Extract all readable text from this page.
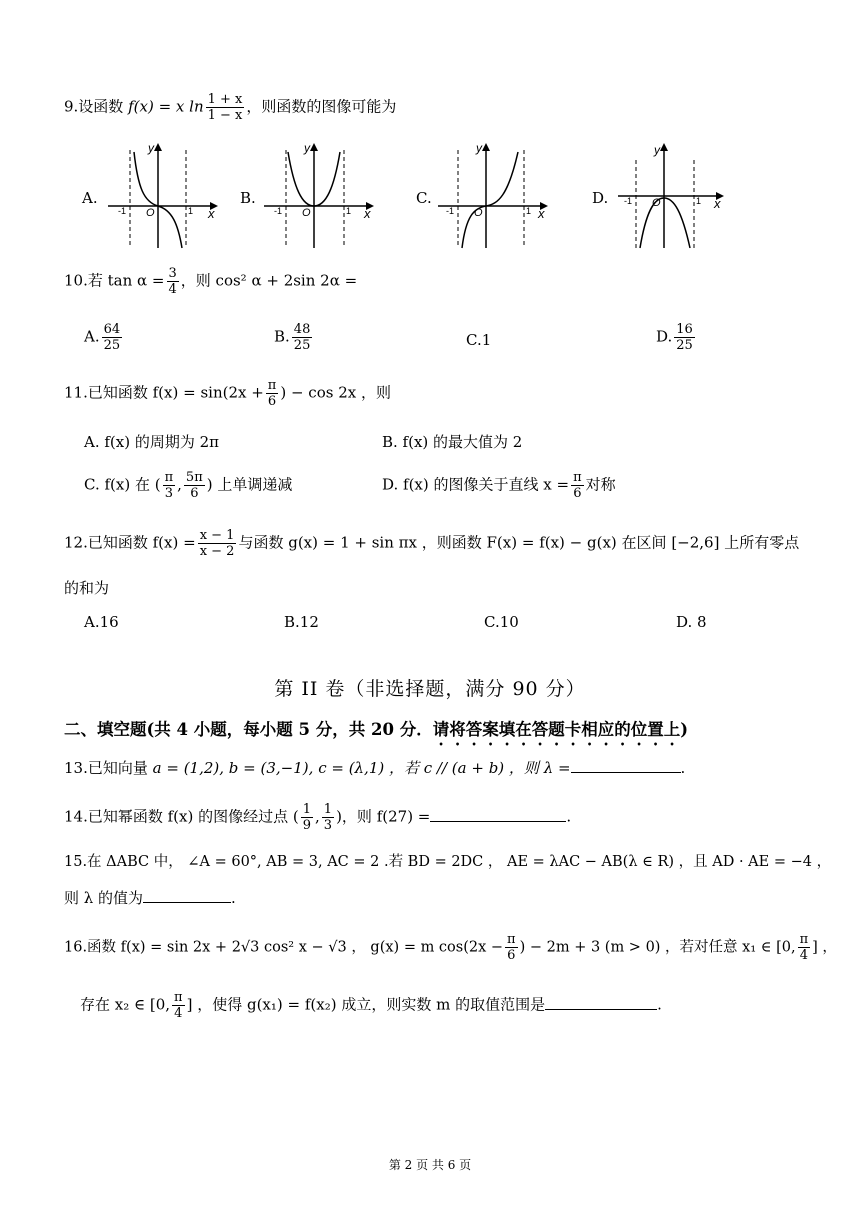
9.设函数 f(x) = x $\ln \frac{1 + x}{1 - x}$ ，则函数的图像可能为
A.
y
x
-1 O	1
B.
y
x
-1 O	1
C.
y
x
-1 O	1
D.
y
x
-1 O	1
10.若 $\tan \alpha = \frac{3}{4}$ ，则 cos² α + 2sin 2α =
A. $\frac{64}{25}$	B. $\frac{48}{25}$	C.1	D. $\frac{16}{25}$
11.已知函数 $f(x) = \sin(2x + \frac{\pi}{6}$ ) − cos 2x ，则
A. f(x) 的周期为 2π	B. f(x) 的最大值为 2
C. f(x) 在 ( $\frac{\pi}{3}$ , $\frac{5\pi}{6}$ ) 上单调递减	D. f(x) 的图像关于直线 $x = \frac{\pi}{6}$ 对称
12.已知函数 $f(x) = \frac{x - 1}{x - 2}$ 与函数 g(x) = 1 + sin πx ，则函数 F(x) = f(x) − g(x) 在区间 [−2,6] 上所有零点
的和为
A.16	B.12	C.10	D. 8
第 II 卷（非选择题，满分 90 分）
二、填空题(共 4 小题，每小题 5 分，共 20 分．请将答案填在答题卡相应的位置上)
13.已知向量 a = (1,2), b = (3,−1), c = (λ,1) ，若 c // (a + b) ，则 λ =	.
14.已知幂函数 f(x) 的图像经过点 ( $\frac{1}{9}$ , $\frac{1}{3}$ )，则 f(27) =	.
15.在 ΔABC 中， ∠A = 60°, AB = 3, AC = 2 .若 BD = 2DC ， AE = λAC − AB(λ ∈ R) ，且 AD · AE = −4 ，
则 λ 的值为	.
16.函数 f(x) = sin 2x + 2√3 cos² x − √3 ， g(x) = m $\cos(2x - \frac{\pi}{6}$ ) − 2m + 3 (m > 0) ，若对任意 x₁ ∈ [0, $\frac{\pi}{4}$ ] ，
存在 x₂ ∈ [0, $\frac{\pi}{4}$ ] ，使得 g(x₁) = f(x₂) 成立，则实数 m 的取值范围是	.
第 2 页 共 6 页
